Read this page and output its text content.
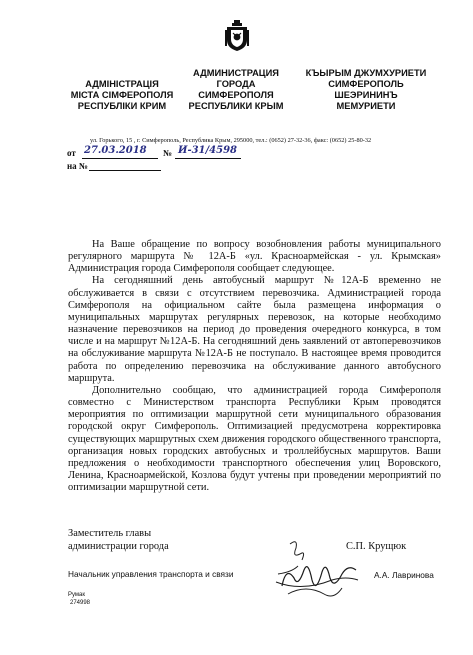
АДМІНІСТРАЦІЯ
МІСТА СІМФЕРОПОЛЯ
РЕСПУБЛІКИ КРИМ
АДМИНИСТРАЦИЯ
ГОРОДА
СИМФЕРОПОЛЯ
РЕСПУБЛИКИ КРЫМ
КЪЫРЫМ ДЖУМХУРИЕТИ
СИМФЕРОПОЛЬ
ШЕЭРИНИНЪ
МЕМУРИЕТИ
ул. Горького, 15 , г. Симферополь, Республика Крым, 295000, тел.: (0652) 27-32-36, факс: (0652) 25-80-32
от 27.03.2018 № И-31/4598
на №

На Ваше обращение по вопросу возобновления работы муниципального регулярного маршрута № 12А-Б «ул. Красноармейская - ул. Крымская» Администрация города Симферополя сообщает следующее.

На сегодняшний день автобусный маршрут №12А-Б временно не обслуживается в связи с отсутствием перевозчика. Администрацией города Симферополя на официальном сайте была размещена информация о муниципальных маршрутах регулярных перевозок, на которые необходимо назначение перевозчиков на период до проведения очередного конкурса, в том числе и на маршрут №12А-Б. На сегодняшний день заявлений от автоперевозчиков на обслуживание маршрута №12А-Б не поступало. В настоящее время проводится работа по определению перевозчика на обслуживание данного автобусного маршрута.

Дополнительно сообщаю, что администрацией города Симферополя совместно с Министерством транспорта Республики Крым проводятся мероприятия по оптимизации маршрутной сети муниципального образования городской округ Симферополь. Оптимизацией предусмотрена корректировка существующих маршрутных схем движения городского общественного транспорта, организация новых городских автобусных и троллейбусных маршрутов. Ваши предложения о необходимости транспортного обеспечения улиц Воровского, Ленина, Красноармейской, Козлова будут учтены при проведении мероприятий по оптимизации маршрутной сети.

Заместитель главы
администрации города	С.П. Крущюк
Начальник управления транспорта и связи	А.А. Лавринова
Румак
274998
